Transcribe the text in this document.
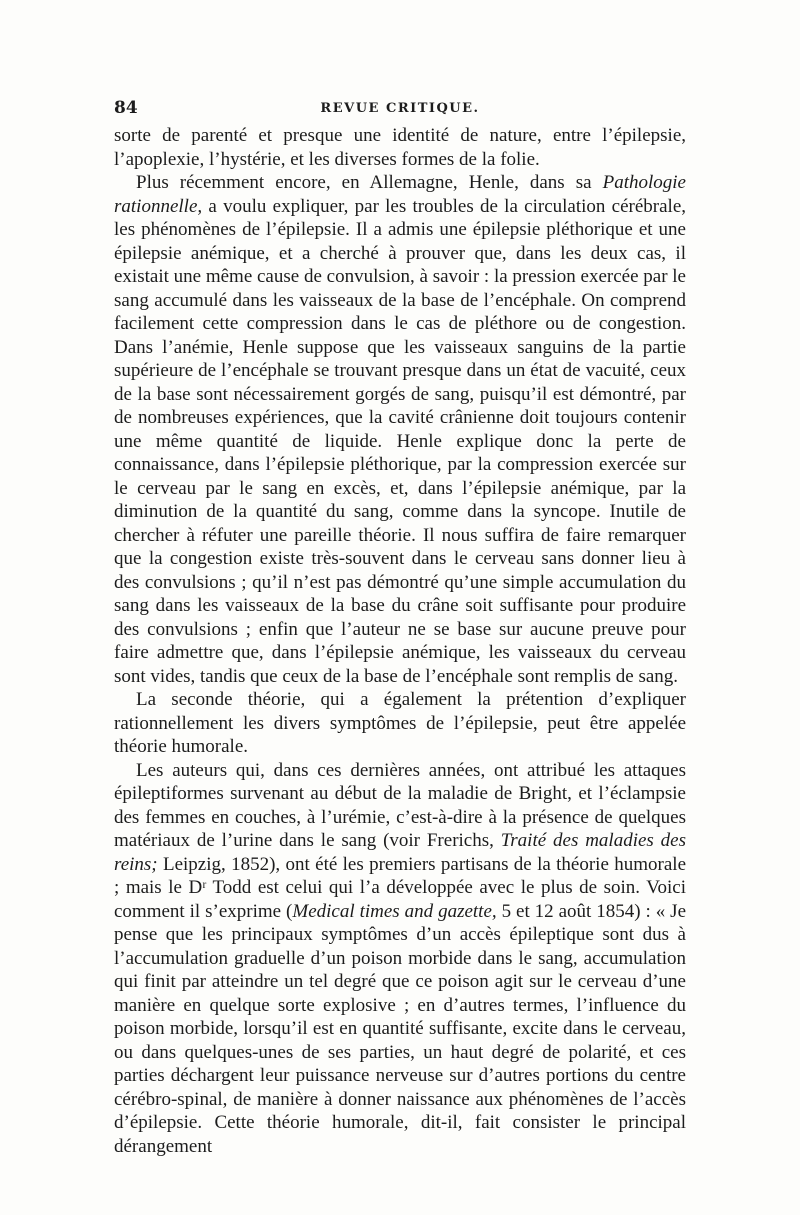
84	REVUE CRITIQUE.

sorte de parenté et presque une identité de nature, entre l’épilepsie, l’apoplexie, l’hystérie, et les diverses formes de la folie.

Plus récemment encore, en Allemagne, Henle, dans sa Pathologie rationnelle, a voulu expliquer, par les troubles de la circulation cérébrale, les phénomènes de l’épilepsie. Il a admis une épilepsie pléthorique et une épilepsie anémique, et a cherché à prouver que, dans les deux cas, il existait une même cause de convulsion, à savoir : la pression exercée par le sang accumulé dans les vaisseaux de la base de l’encéphale. On comprend facilement cette compression dans le cas de pléthore ou de congestion. Dans l’anémie, Henle suppose que les vaisseaux sanguins de la partie supérieure de l’encéphale se trouvant presque dans un état de vacuité, ceux de la base sont nécessairement gorgés de sang, puisqu’il est démontré, par de nombreuses expériences, que la cavité crânienne doit toujours contenir une même quantité de liquide. Henle explique donc la perte de connaissance, dans l’épilepsie pléthorique, par la compression exercée sur le cerveau par le sang en excès, et, dans l’épilepsie anémique, par la diminution de la quantité du sang, comme dans la syncope. Inutile de chercher à réfuter une pareille théorie. Il nous suffira de faire remarquer que la congestion existe très-souvent dans le cerveau sans donner lieu à des convulsions ; qu’il n’est pas démontré qu’une simple accumulation du sang dans les vaisseaux de la base du crâne soit suffisante pour produire des convulsions ; enfin que l’auteur ne se base sur aucune preuve pour faire admettre que, dans l’épilepsie anémique, les vaisseaux du cerveau sont vides, tandis que ceux de la base de l’encéphale sont remplis de sang.

La seconde théorie, qui a également la prétention d’expliquer rationnellement les divers symptômes de l’épilepsie, peut être appelée théorie humorale.

Les auteurs qui, dans ces dernières années, ont attribué les attaques épileptiformes survenant au début de la maladie de Bright, et l’éclampsie des femmes en couches, à l’urémie, c’est-à-dire à la présence de quelques matériaux de l’urine dans le sang (voir Frerichs, Traité des maladies des reins; Leipzig, 1852), ont été les premiers partisans de la théorie humorale ; mais le Dʳ Todd est celui qui l’a développée avec le plus de soin. Voici comment il s’exprime (Medical times and gazette, 5 et 12 août 1854) : « Je pense que les principaux symptômes d’un accès épileptique sont dus à l’accumulation graduelle d’un poison morbide dans le sang, accumulation qui finit par atteindre un tel degré que ce poison agit sur le cerveau d’une manière en quelque sorte explosive ; en d’autres termes, l’influence du poison morbide, lorsqu’il est en quantité suffisante, excite dans le cerveau, ou dans quelques-unes de ses parties, un haut degré de polarité, et ces parties déchargent leur puissance nerveuse sur d’autres portions du centre cérébro-spinal, de manière à donner naissance aux phénomènes de l’accès d’épilepsie. Cette théorie humorale, dit-il, fait consister le principal dérangement
